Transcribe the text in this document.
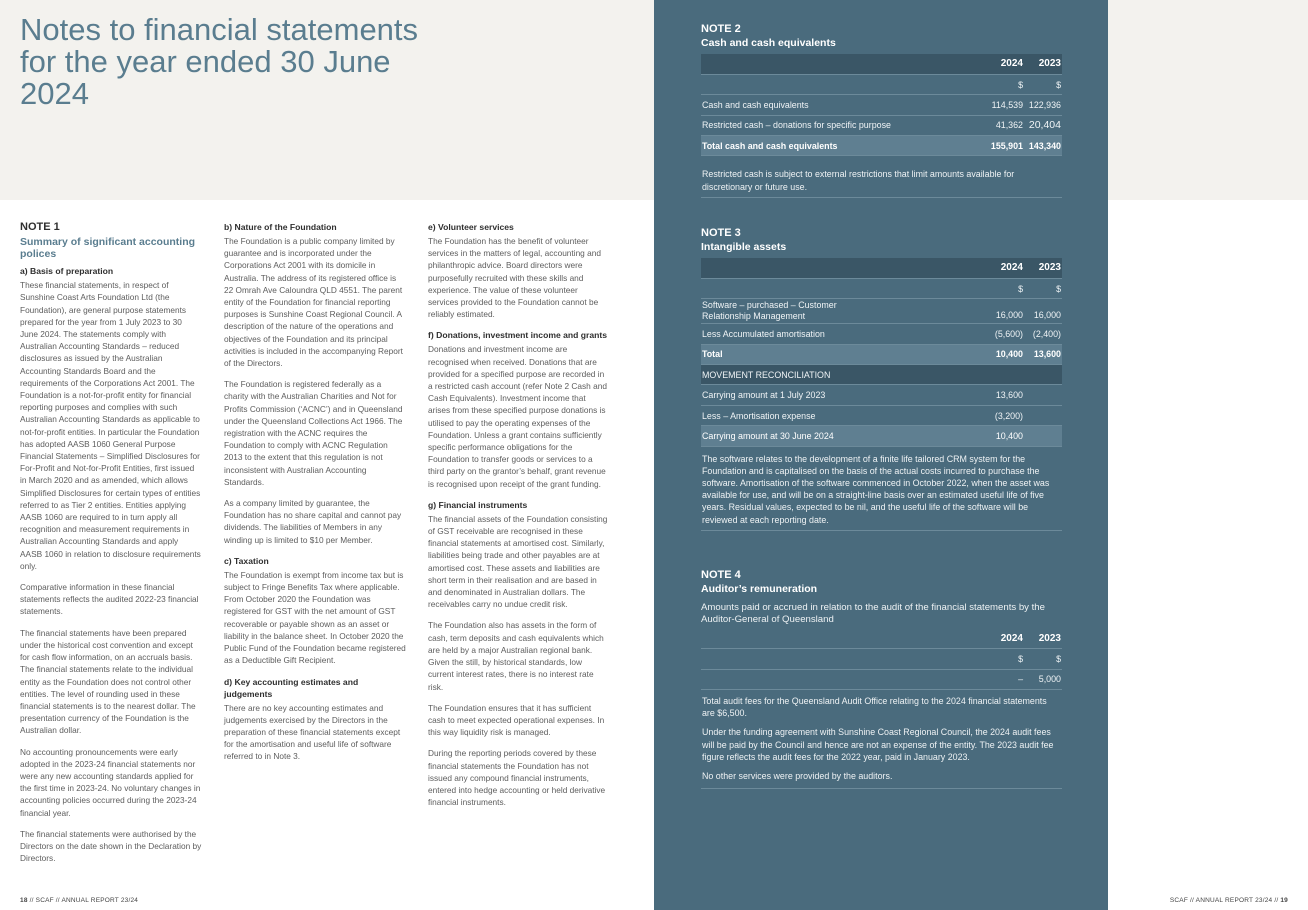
Notes to financial statements for the year ended 30 June 2024
NOTE 1
Summary of significant accounting polices
a) Basis of preparation

These financial statements, in respect of Sunshine Coast Arts Foundation Ltd (the Foundation), are general purpose statements prepared for the year from 1 July 2023 to 30 June 2024. The statements comply with Australian Accounting Standards – reduced disclosures as issued by the Australian Accounting Standards Board and the requirements of the Corporations Act 2001. The Foundation is a not-for-profit entity for financial reporting purposes and complies with such Australian Accounting Standards as applicable to not-for-profit entities. In particular the Foundation has adopted AASB 1060 General Purpose Financial Statements – Simplified Disclosures for For-Profit and Not-for-Profit Entities, first issued in March 2020 and as amended, which allows Simplified Disclosures for certain types of entities referred to as Tier 2 entities. Entities applying AASB 1060 are required to in turn apply all recognition and measurement requirements in Australian Accounting Standards and apply AASB 1060 in relation to disclosure requirements only.

Comparative information in these financial statements reflects the audited 2022-23 financial statements.

The financial statements have been prepared under the historical cost convention and except for cash flow information, on an accruals basis. The financial statements relate to the individual entity as the Foundation does not control other entities. The level of rounding used in these financial statements is to the nearest dollar. The presentation currency of the Foundation is the Australian dollar.

No accounting pronouncements were early adopted in the 2023-24 financial statements nor were any new accounting standards applied for the first time in 2023-24. No voluntary changes in accounting policies occurred during the 2023-24 financial year.

The financial statements were authorised by the Directors on the date shown in the Declaration by Directors.

b) Nature of the Foundation

The Foundation is a public company limited by guarantee and is incorporated under the Corporations Act 2001 with its domicile in Australia. The address of its registered office is 22 Omrah Ave Caloundra QLD 4551. The parent entity of the Foundation for financial reporting purposes is Sunshine Coast Regional Council. A description of the nature of the operations and objectives of the Foundation and its principal activities is included in the accompanying Report of the Directors.

The Foundation is registered federally as a charity with the Australian Charities and Not for Profits Commission (‘ACNC’) and in Queensland under the Queensland Collections Act 1966. The registration with the ACNC requires the Foundation to comply with ACNC Regulation 2013 to the extent that this regulation is not inconsistent with Australian Accounting Standards.

As a company limited by guarantee, the Foundation has no share capital and cannot pay dividends. The liabilities of Members in any winding up is limited to $10 per Member.

c) Taxation

The Foundation is exempt from income tax but is subject to Fringe Benefits Tax where applicable. From October 2020 the Foundation was registered for GST with the net amount of GST recoverable or payable shown as an asset or liability in the balance sheet. In October 2020 the Public Fund of the Foundation became registered as a Deductible Gift Recipient.

d) Key accounting estimates and judgements

There are no key accounting estimates and judgements exercised by the Directors in the preparation of these financial statements except for the amortisation and useful life of software referred to in Note 3.

e) Volunteer services

The Foundation has the benefit of volunteer services in the matters of legal, accounting and philanthropic advice. Board directors were purposefully recruited with these skills and experience. The value of these volunteer services provided to the Foundation cannot be reliably estimated.

f) Donations, investment income and grants

Donations and investment income are recognised when received. Donations that are provided for a specified purpose are recorded in a restricted cash account (refer Note 2 Cash and Cash Equivalents). Investment income that arises from these specified purpose donations is utilised to pay the operating expenses of the Foundation. Unless a grant contains sufficiently specific performance obligations for the Foundation to transfer goods or services to a third party on the grantor’s behalf, grant revenue is recognised upon receipt of the grant funding.

g) Financial instruments

The financial assets of the Foundation consisting of GST receivable are recognised in these financial statements at amortised cost. Similarly, liabilities being trade and other payables are at amortised cost. These assets and liabilities are short term in their realisation and are based in and denominated in Australian dollars. The receivables carry no undue credit risk.

The Foundation also has assets in the form of cash, term deposits and cash equivalents which are held by a major Australian regional bank. Given the still, by historical standards, low current interest rates, there is no interest rate risk.

The Foundation ensures that it has sufficient cash to meet expected operational expenses. In this way liquidity risk is managed.

During the reporting periods covered by these financial statements the Foundation has not issued any compound financial instruments, entered into hedge accounting or held derivative financial instruments.

NOTE 2
Cash and cash equivalents
	2024	2023
	$	$
Cash and cash equivalents	114,539	122,936
Restricted cash – donations for specific purpose	41,362	20,404
Total cash and cash equivalents	155,901	143,340
Restricted cash is subject to external restrictions that limit amounts available for discretionary or future use.
NOTE 3
Intangible assets
	2024	2023
	$	$
Software – purchased – Customer Relationship Management	16,000	16,000
Less Accumulated amortisation	(5,600)	(2,400)
Total	10,400	13,600
MOVEMENT RECONCILIATION		
Carrying amount at 1 July 2023	13,600	
Less – Amortisation expense	(3,200)	
Carrying amount at 30 June 2024	10,400	
The software relates to the development of a finite life tailored CRM system for the Foundation and is capitalised on the basis of the actual costs incurred to purchase the software. Amortisation of the software commenced in October 2022, when the asset was available for use, and will be on a straight-line basis over an estimated useful life of five years. Residual values, expected to be nil, and the useful life of the software will be reviewed at each reporting date.
NOTE 4
Auditor’s remuneration
Amounts paid or accrued in relation to the audit of the financial statements by the Auditor-General of Queensland
	2024	2023
	$	$
	–	5,000

Total audit fees for the Queensland Audit Office relating to the 2024 financial statements are $6,500.

Under the funding agreement with Sunshine Coast Regional Council, the 2024 audit fees will be paid by the Council and hence are not an expense of the entity. The 2023 audit fee figure reflects the audit fees for the 2022 year, paid in January 2023.

No other services were provided by the auditors.

18 // SCAF // ANNUAL REPORT 23/24	SCAF // ANNUAL REPORT 23/24 // 19
